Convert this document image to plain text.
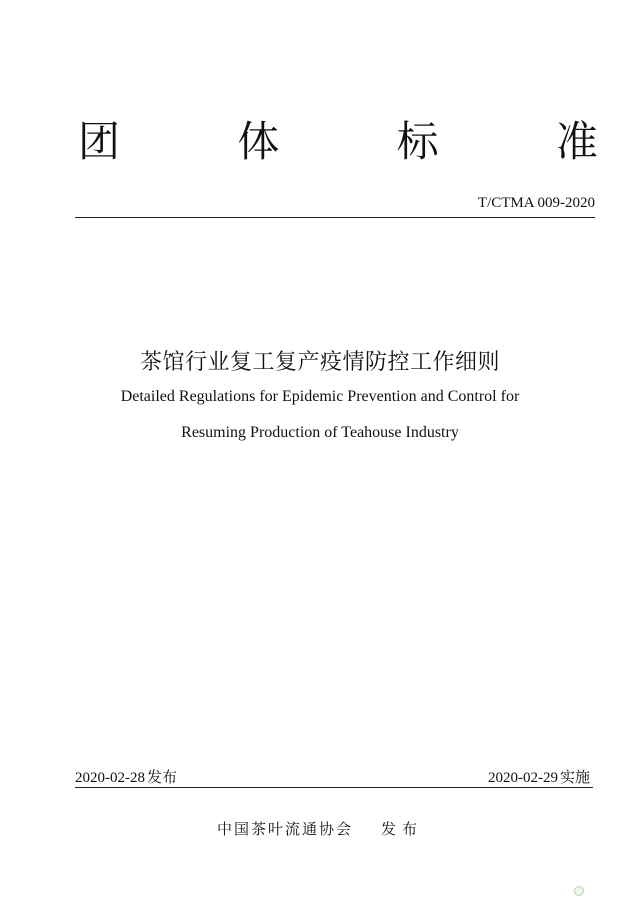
团	体	标	准
T/CTMA 009-2020
茶馆行业复工复产疫情防控工作细则
Detailed Regulations for Epidemic Prevention and Control for
Resuming Production of Teahouse Industry
2020-02-28 发布	2020-02-29 实施
中国茶叶流通协会 发布
